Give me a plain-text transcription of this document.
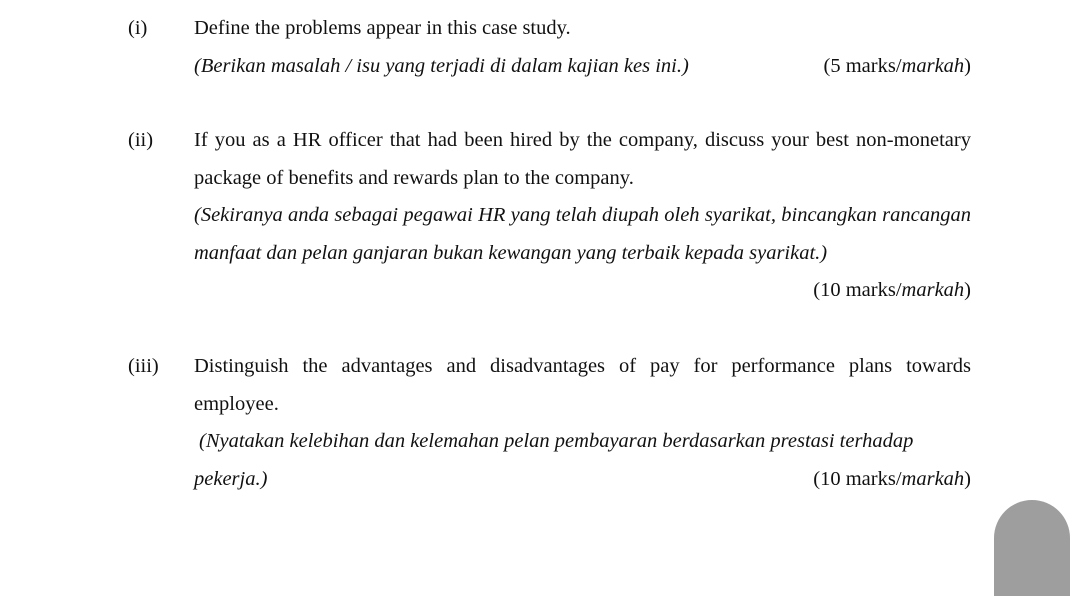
(i)	Define the problems appear in this case study.
(Berikan masalah / isu yang terjadi di dalam kajian kes ini.)	(5 marks/markah)
(ii)	If you as a HR officer that had been hired by the company, discuss your best non-monetary package of benefits and rewards plan to the company.
(Sekiranya anda sebagai pegawai HR yang telah diupah oleh syarikat, bincangkan rancangan manfaat dan pelan ganjaran bukan kewangan yang terbaik kepada syarikat.)
(10 marks/markah)
(iii)	Distinguish the advantages and disadvantages of pay for performance plans towards employee.
(Nyatakan kelebihan dan kelemahan pelan pembayaran berdasarkan prestasi terhadap
pekerja.)	(10 marks/markah)
